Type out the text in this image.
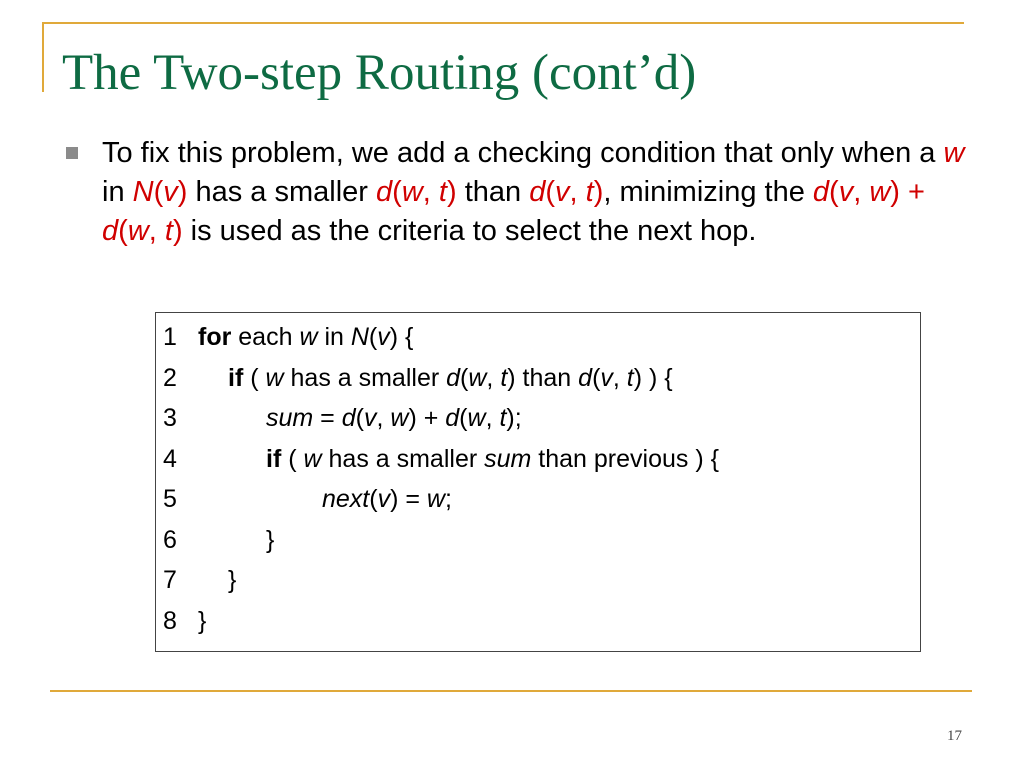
The Two-step Routing (cont’d)

To fix this problem, we add a checking condition that only when a w in N(v) has a smaller d(w, t) than d(v, t), minimizing the d(v, w) + d(w, t) is used as the criteria to select the next hop.

1 for each w in N(v) {
2 if ( w has a smaller d(w, t) than d(v, t) ) {
3	sum = d(v, w) + d(w, t);
4	if ( w has a smaller sum than previous ) {
5	next(v) = w;
6	}
7 }
8 }
17
